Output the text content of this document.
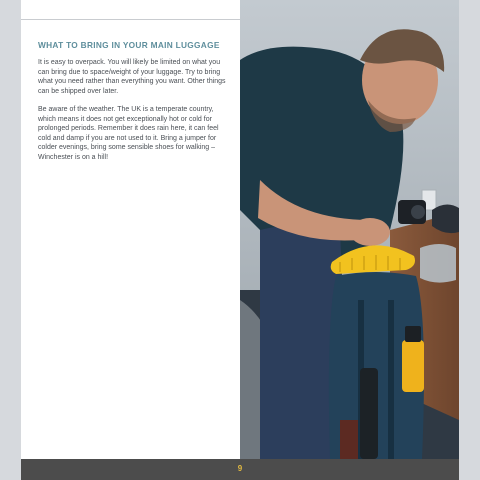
WHAT TO BRING IN YOUR MAIN LUGGAGE

It is easy to overpack. You will likely be limited on what you can bring due to space/weight of your luggage. Try to bring what you need rather than everything you want. Other things can be shipped over later.

Be aware of the weather. The UK is a temperate country, which means it does not get exceptionally hot or cold for prolonged periods. Remember it does rain here, it can feel cold and damp if you are not used to it. Bring a jumper for colder evenings, bring some sensible shoes for walking – Winchester is on a hill!

9
